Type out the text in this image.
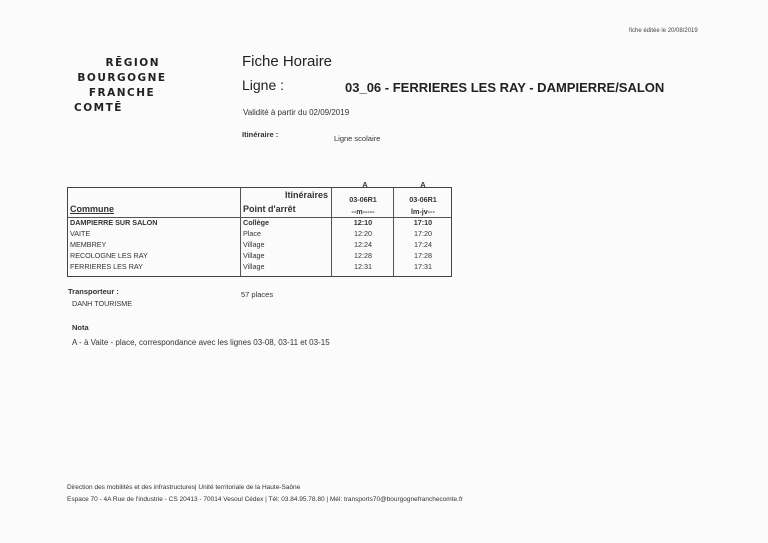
fiche éditée le 20/08/2019
RĒGION
BOURGOGNE
FRANCHE
COMTĒ
Fiche Horaire
Ligne :	03_06 - FERRIERES LES RAY - DAMPIERRE/SALON
Validité à partir du 02/09/2019
Itinéraire :	Ligne scolaire
A	A
Itinéraires
Commune	Point d'arrêt
03-06R1
--m-----
03-06R1
lm-jv---
DAMPIERRE SUR SALON	Collège	12:10	17:10
VAITE	Place	12:20	17:20
MEMBREY	Village	12:24	17:24
RECOLOGNE LES RAY	Village	12:28	17:28
FERRIERES LES RAY	Village	12:31	17:31
Transporteur :
DANH TOURISME
57 places
Nota
A - à Vaite - place, correspondance avec les lignes 03-08, 03-11 et 03-15
Direction des mobilités et des infrastructures| Unité territoriale de la Haute-Saône
Espace 70 - 4A Rue de l'industrie - CS 20413 - 70014 Vesoul Cédex | Tél: 03.84.95.78.80 | Mél: transports70@bourgognefranchecomte.fr
